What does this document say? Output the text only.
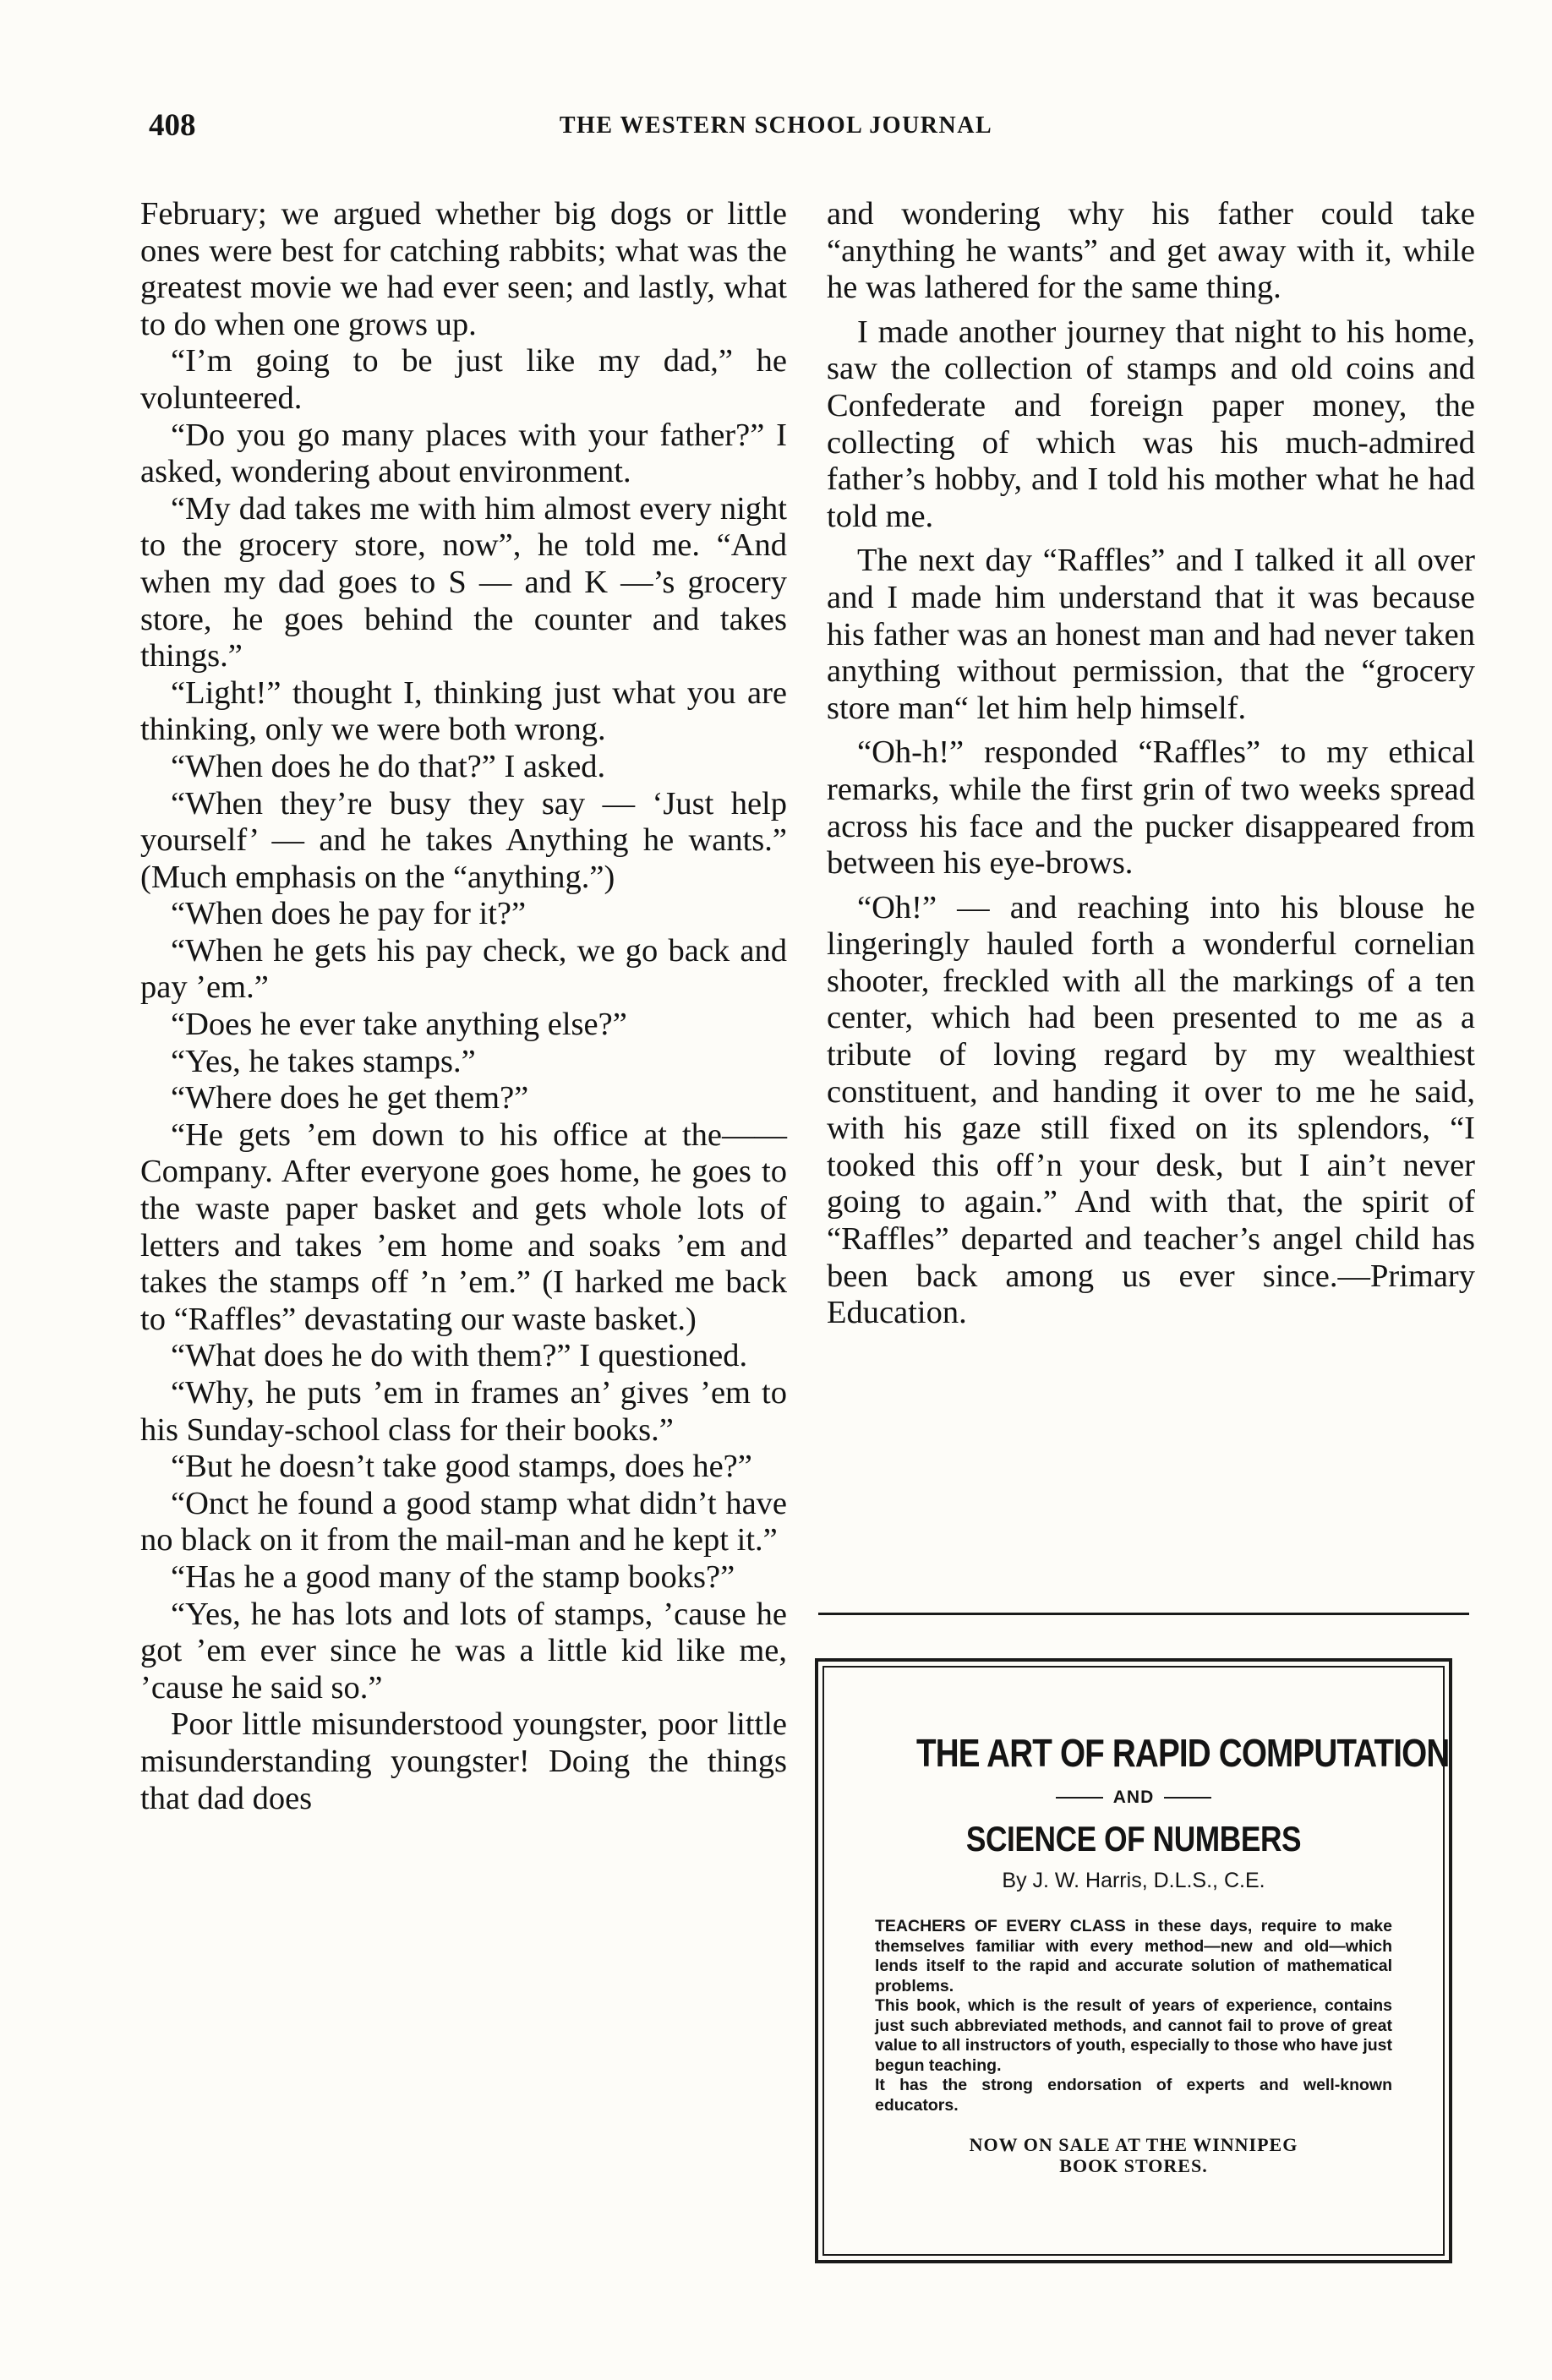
408	THE WESTERN SCHOOL JOURNAL

February; we argued whether big dogs or little ones were best for catching rabbits; what was the greatest movie we had ever seen; and lastly, what to do when one grows up.

“I’m going to be just like my dad,” he volunteered.

“Do you go many places with your father?” I asked, wondering about environment.

“My dad takes me with him almost every night to the grocery store, now”, he told me. “And when my dad goes to S — and K —’s grocery store, he goes behind the counter and takes things.”

“Light!” thought I, thinking just what you are thinking, only we were both wrong.

“When does he do that?” I asked.

“When they’re busy they say — ‘Just help yourself’ — and he takes Anything he wants.” (Much emphasis on the “anything.”)

“When does he pay for it?”

“When he gets his pay check, we go back and pay ’em.”

“Does he ever take anything else?”

“Yes, he takes stamps.”

“Where does he get them?”

“He gets ’em down to his office at the——Company. After everyone goes home, he goes to the waste paper basket and gets whole lots of letters and takes ’em home and soaks ’em and takes the stamps off ’n ’em.” (I harked me back to “Raffles” devastating our waste basket.)

“What does he do with them?” I questioned.

“Why, he puts ’em in frames an’ gives ’em to his Sunday-school class for their books.”

“But he doesn’t take good stamps, does he?”

“Onct he found a good stamp what didn’t have no black on it from the mail-man and he kept it.”

“Has he a good many of the stamp books?”

“Yes, he has lots and lots of stamps, ’cause he got ’em ever since he was a little kid like me, ’cause he said so.”

Poor little misunderstood youngster, poor little misunderstanding youngster! Doing the things that dad does

and wondering why his father could take “anything he wants” and get away with it, while he was lathered for the same thing.

I made another journey that night to his home, saw the collection of stamps and old coins and Confederate and foreign paper money, the collecting of which was his much-admired father’s hobby, and I told his mother what he had told me.

The next day “Raffles” and I talked it all over and I made him understand that it was because his father was an honest man and had never taken anything without permission, that the “grocery store man“ let him help himself.

“Oh-h!” responded “Raffles” to my ethical remarks, while the first grin of two weeks spread across his face and the pucker disappeared from between his eye-brows.

“Oh!” — and reaching into his blouse he lingeringly hauled forth a wonderful cornelian shooter, freckled with all the markings of a ten center, which had been presented to me as a tribute of loving regard by my wealthiest constituent, and handing it over to me he said, with his gaze still fixed on its splendors, “I tooked this off’n your desk, but I ain’t never going to again.” And with that, the spirit of “Raffles” departed and teacher’s angel child has been back among us ever since.—Primary Education.

THE ART OF RAPID COMPUTATION
AND
SCIENCE OF NUMBERS
By J. W. Harris, D.L.S., C.E.

TEACHERS OF EVERY CLASS in these days, require to make themselves familiar with every method—new and old—which lends itself to the rapid and accurate solution of mathematical problems.

This book, which is the result of years of experience, contains just such abbreviated methods, and cannot fail to prove of great value to all instructors of youth, especially to those who have just begun teaching.

It has the strong endorsation of experts and well-known educators.

NOW ON SALE AT THE WINNIPEG

BOOK STORES.
